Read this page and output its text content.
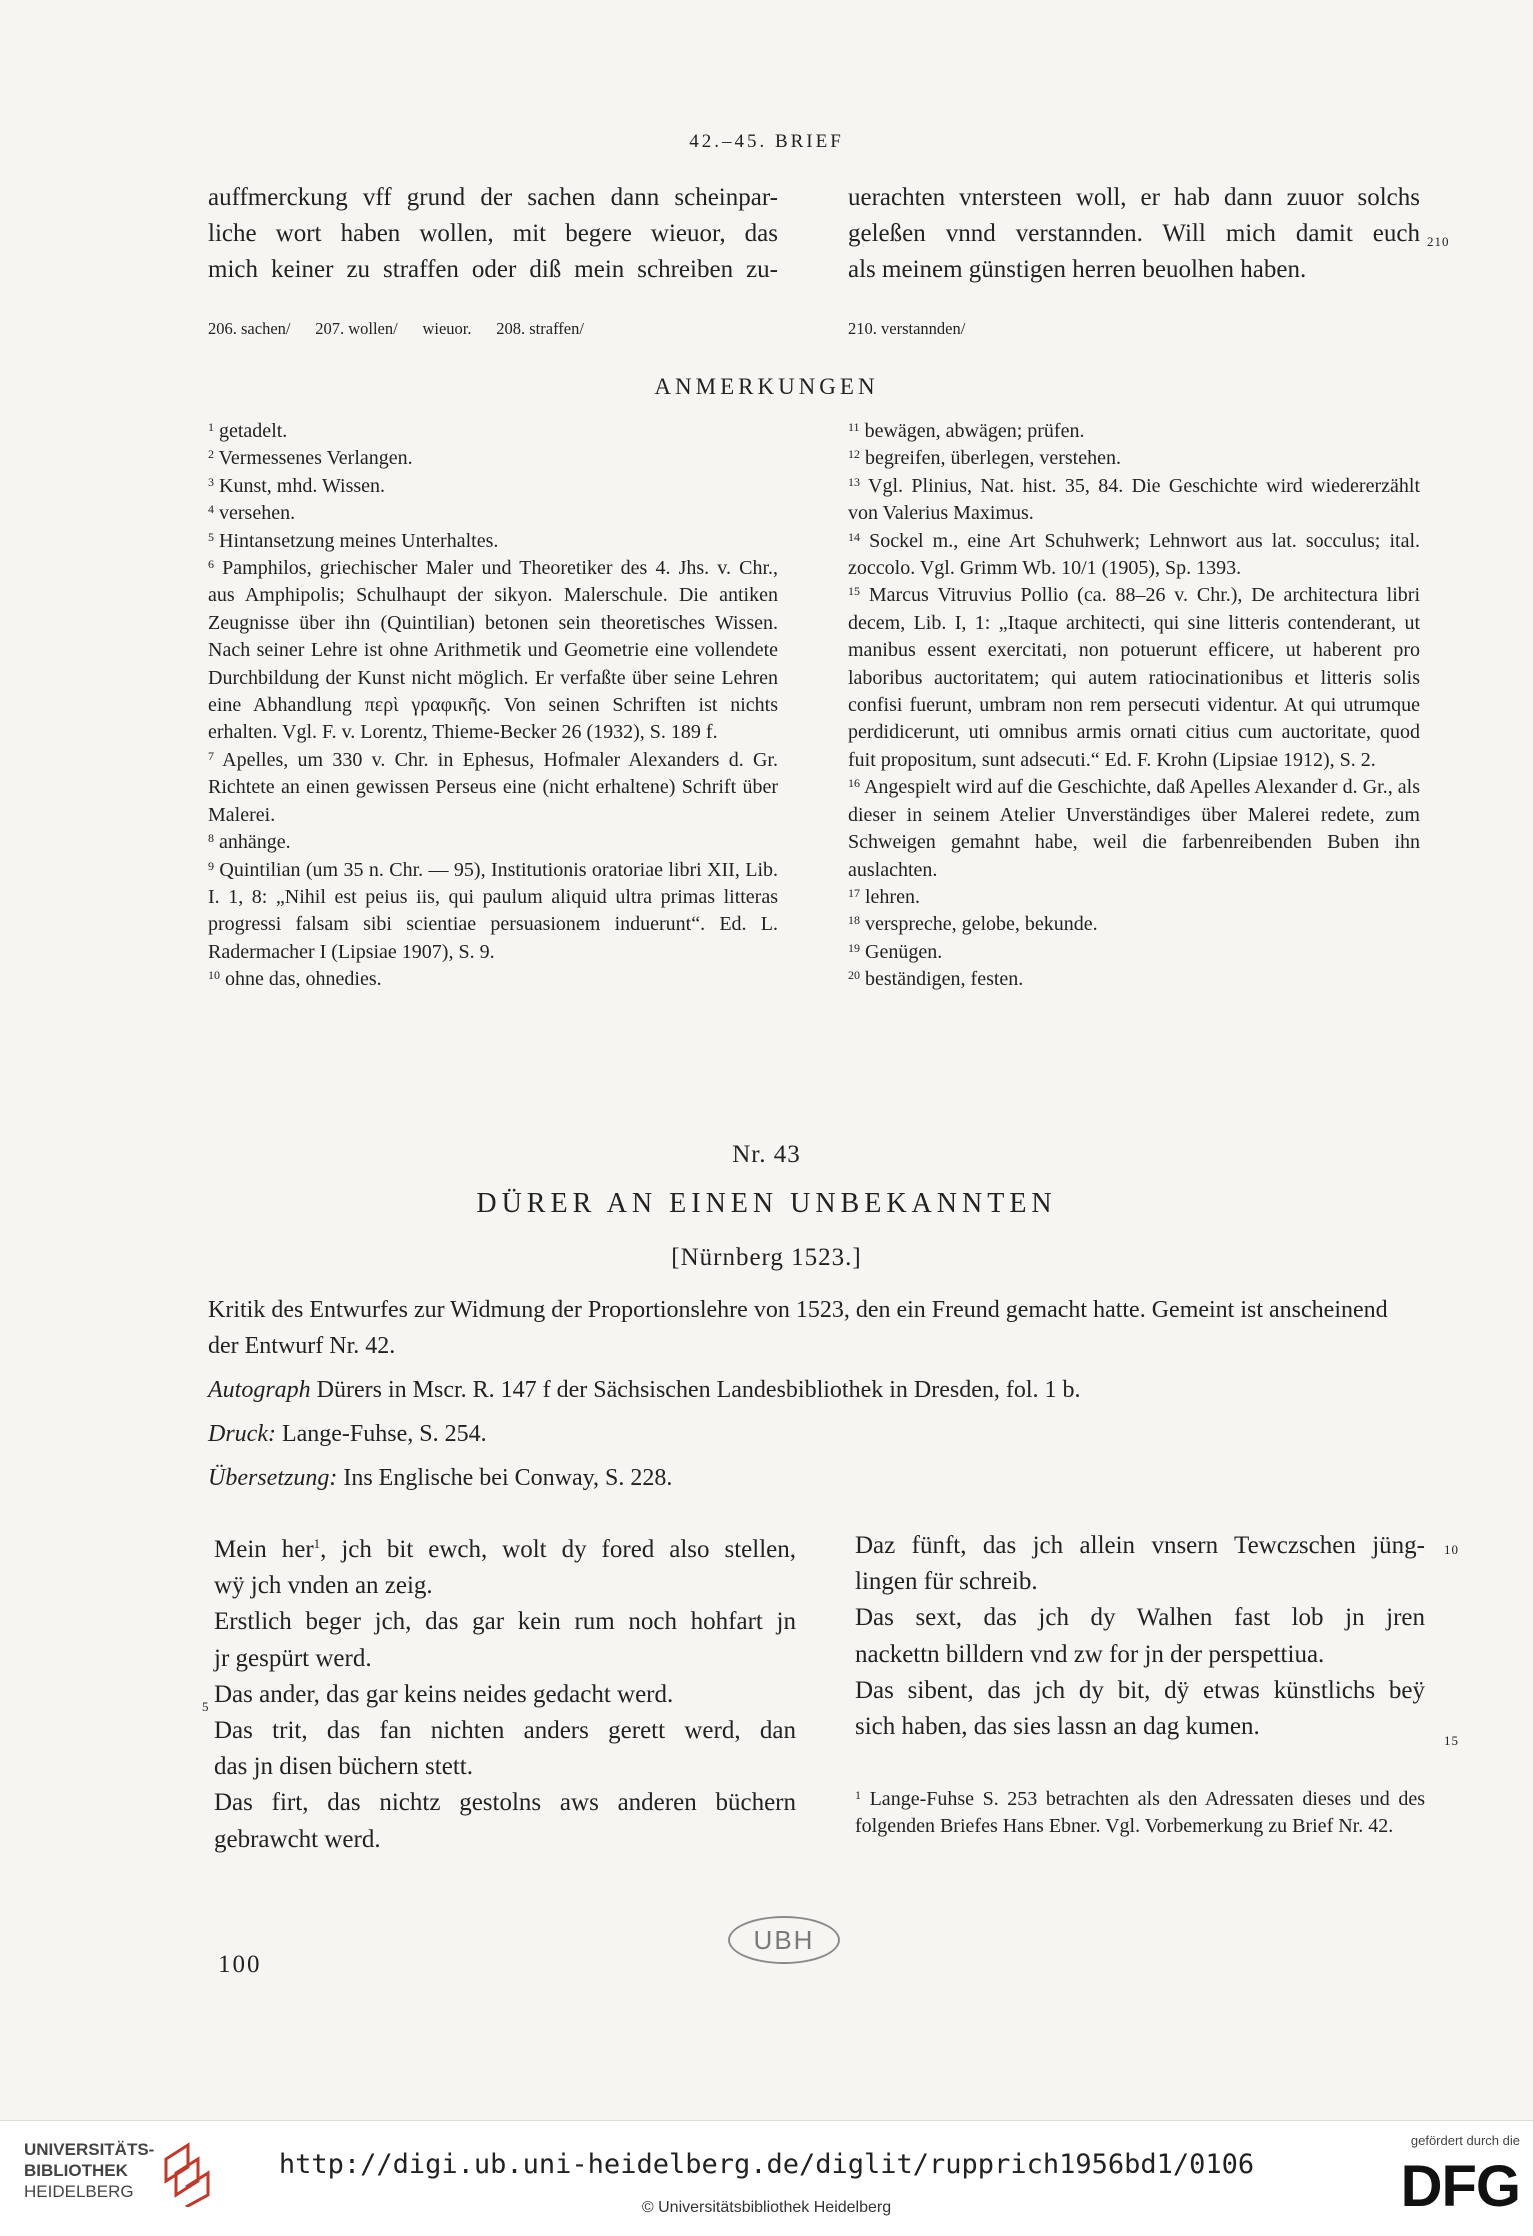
42.–45. BRIEF
auffmerckung vff grund der sachen dann scheinpar-
liche wort haben wollen, mit begere wieuor, das
mich keiner zu straffen oder diß mein schreiben zu-
uerachten vntersteen woll, er hab dann zuuor solchs
geleßen vnnd verstannden. Will mich damit euch
als meinem günstigen herren beuolhen haben.
210
206. sachen/      207. wollen/      wieuor.      208. straffen/	210. verstannden/
ANMERKUNGEN

$^1$ getadelt.

$^2$ Vermessenes Verlangen.

$^3$ Kunst, mhd. Wissen.

$^4$ versehen.

$^5$ Hintansetzung meines Unterhaltes.

$^6$ Pamphilos, griechischer Maler und Theoretiker des 4. Jhs. v. Chr., aus Amphipolis; Schulhaupt der sikyon. Malerschule. Die antiken Zeugnisse über ihn (Quintilian) betonen sein theoretisches Wissen. Nach seiner Lehre ist ohne Arithmetik und Geometrie eine vollendete Durchbildung der Kunst nicht möglich. Er verfaßte über seine Lehren eine Abhandlung περὶ γραφικῆς. Von seinen Schriften ist nichts erhalten. Vgl. F. v. Lorentz, Thieme-Becker 26 (1932), S. 189 f.

$^7$ Apelles, um 330 v. Chr. in Ephesus, Hofmaler Alexanders d. Gr. Richtete an einen gewissen Perseus eine (nicht erhaltene) Schrift über Malerei.

$^8$ anhänge.

$^9$ Quintilian (um 35 n. Chr. — 95), Institutionis oratoriae libri XII, Lib. I. 1, 8: „Nihil est peius iis, qui paulum aliquid ultra primas litteras progressi falsam sibi scientiae persuasionem induerunt“. Ed. L. Radermacher I (Lipsiae 1907), S. 9.

$^{10}$ ohne das, ohnedies.

$^{11}$ bewägen, abwägen; prüfen.

$^{12}$ begreifen, überlegen, verstehen.

$^{13}$ Vgl. Plinius, Nat. hist. 35, 84. Die Geschichte wird wiedererzählt von Valerius Maximus.

$^{14}$ Sockel m., eine Art Schuhwerk; Lehnwort aus lat. socculus; ital. zoccolo. Vgl. Grimm Wb. 10/1 (1905), Sp. 1393.

$^{15}$ Marcus Vitruvius Pollio (ca. 88–26 v. Chr.), De architectura libri decem, Lib. I, 1: „Itaque architecti, qui sine litteris contenderant, ut manibus essent exercitati, non potuerunt efficere, ut haberent pro laboribus auctoritatem; qui autem ratiocinationibus et litteris solis confisi fuerunt, umbram non rem persecuti videntur. At qui utrumque perdidicerunt, uti omnibus armis ornati citius cum auctoritate, quod fuit propositum, sunt adsecuti.“ Ed. F. Krohn (Lipsiae 1912), S. 2.

$^{16}$ Angespielt wird auf die Geschichte, daß Apelles Alexander d. Gr., als dieser in seinem Atelier Unverständiges über Malerei redete, zum Schweigen gemahnt habe, weil die farbenreibenden Buben ihn auslachten.

$^{17}$ lehren.

$^{18}$ verspreche, gelobe, bekunde.

$^{19}$ Genügen.

$^{20}$ beständigen, festen.

Nr. 43
DÜRER AN EINEN UNBEKANNTEN
[Nürnberg 1523.]

Kritik des Entwurfes zur Widmung der Proportionslehre von 1523, den ein Freund gemacht hatte. Gemeint ist anscheinend der Entwurf Nr. 42.

Autograph Dürers in Mscr. R. 147 f der Sächsischen Landesbibliothek in Dresden, fol. 1 b.

Druck: Lange-Fuhse, S. 254.

Übersetzung: Ins Englische bei Conway, S. 228.

Mein her$^1$, jch bit ewch, wolt dy fored also stellen,
wÿ jch vnden an zeig.
Erstlich beger jch, das gar kein rum noch hohfart jn
jr gespürt werd.
Das ander, das gar keins neides gedacht werd.
Das trit, das fan nichten anders gerett werd, dan
das jn disen büchern stett.
Das firt, das nichtz gestolns aws anderen büchern
gebrawcht werd.
Daz fünft, das jch allein vnsern Tewczschen jüng-
lingen für schreib.
Das sext, das jch dy Walhen fast lob jn jren
nackettn billdern vnd zw for jn der perspettiua.
Das sibent, das jch dy bit, dÿ etwas künstlichs beÿ
sich haben, das sies lassn an dag kumen.
5
10
15
$^1$ Lange-Fuhse S. 253 betrachten als den Adressaten dieses und des folgenden Briefes Hans Ebner. Vgl. Vorbemerkung zu Brief Nr. 42.
UBH
100
UNIVERSITÄTS-
BIBLIOTHEK
HEIDELBERG
http://digi.ub.uni-heidelberg.de/diglit/rupprich1956bd1/0106
© Universitätsbibliothek Heidelberg
gefördert durch die
DFG
